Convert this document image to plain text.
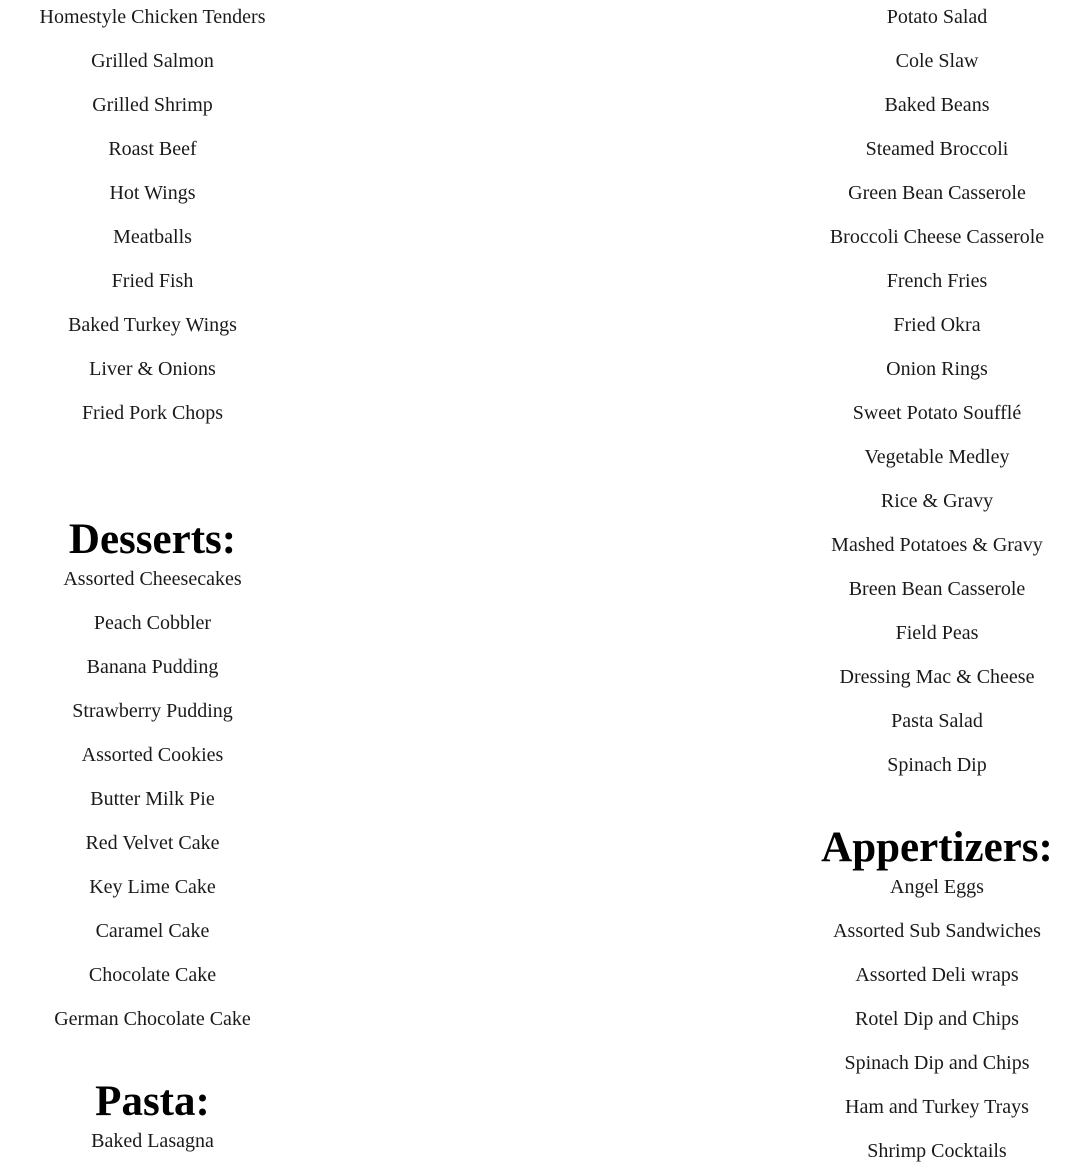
Homestyle Chicken Tenders
Grilled Salmon
Grilled Shrimp
Roast Beef
Hot Wings
Meatballs
Fried Fish
Baked Turkey Wings
Liver & Onions
Fried Pork Chops
Desserts:
Assorted Cheesecakes
Peach Cobbler
Banana Pudding
Strawberry Pudding
Assorted Cookies
Butter Milk Pie
Red Velvet Cake
Key Lime Cake
Caramel Cake
Chocolate Cake
German Chocolate Cake
Pasta:
Baked Lasagna
Potato Salad
Cole Slaw
Baked Beans
Steamed Broccoli
Green Bean Casserole
Broccoli Cheese Casserole
French Fries
Fried Okra
Onion Rings
Sweet Potato Soufflé
Vegetable Medley
Rice & Gravy
Mashed Potatoes & Gravy
Breen Bean Casserole
Field Peas
Dressing Mac & Cheese
Pasta Salad
Spinach Dip
Appertizers:
Angel Eggs
Assorted Sub Sandwiches
Assorted Deli wraps
Rotel Dip and Chips
Spinach Dip and Chips
Ham and Turkey Trays
Shrimp Cocktails
